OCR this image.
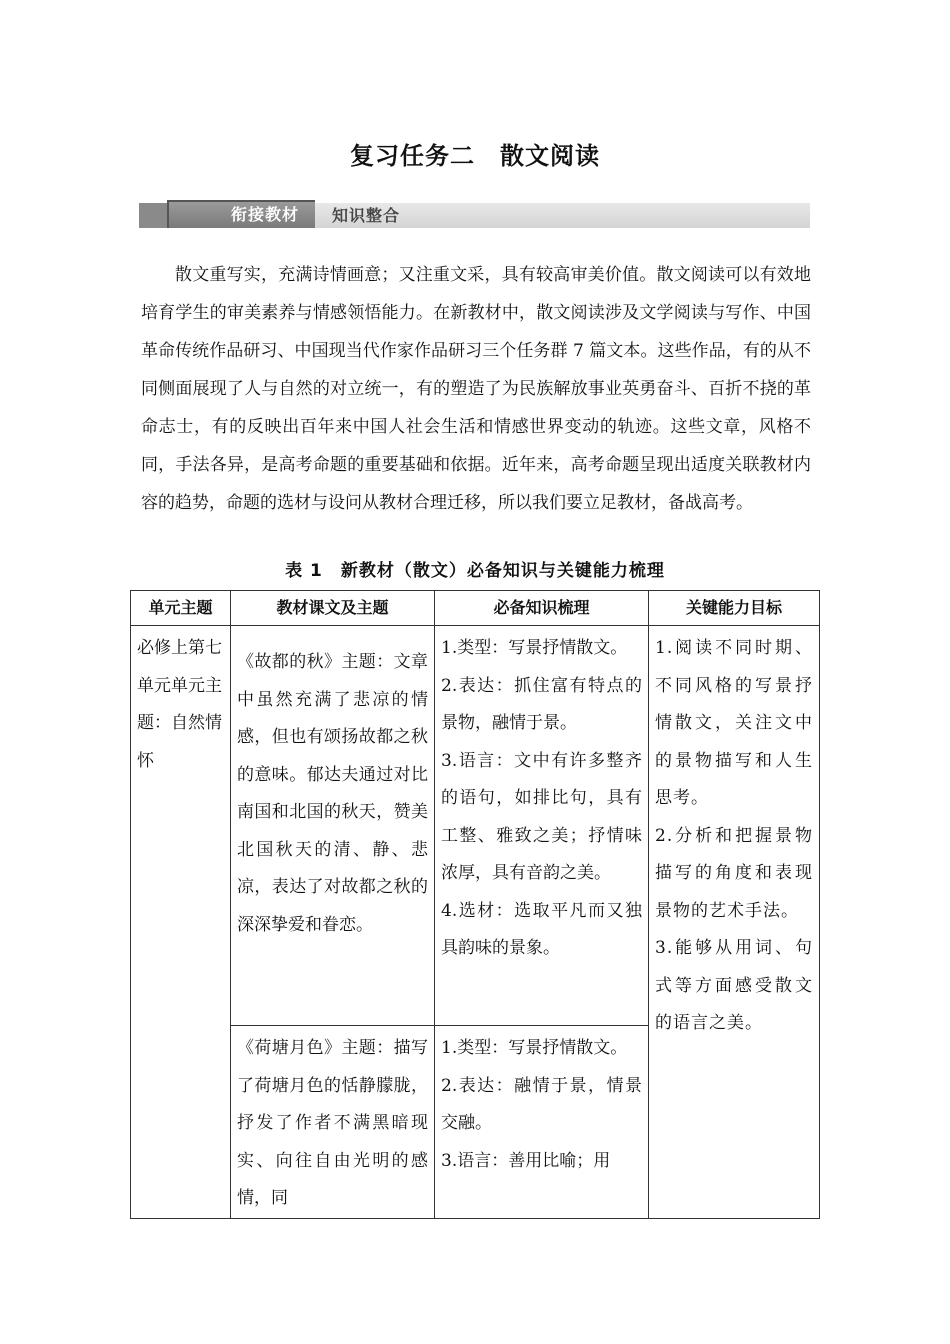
复习任务二　散文阅读
衔接教材	知识整合

散文重写实，充满诗情画意；又注重文采，具有较高审美价值。散文阅读可以有效地培育学生的审美素养与情感领悟能力。在新教材中，散文阅读涉及文学阅读与写作、中国革命传统作品研习、中国现当代作家作品研习三个任务群 7 篇文本。这些作品，有的从不同侧面展现了人与自然的对立统一，有的塑造了为民族解放事业英勇奋斗、百折不挠的革命志士，有的反映出百年来中国人社会生活和情感世界变动的轨迹。这些文章，风格不同，手法各异，是高考命题的重要基础和依据。近年来，高考命题呈现出适度关联教材内容的趋势，命题的选材与设问从教材合理迁移，所以我们要立足教材，备战高考。

表 1　新教材（散文）必备知识与关键能力梳理
单元主题	教材课文及主题	必备知识梳理	关键能力目标

必修上第七单元单元主题：自然情怀	《故都的秋》主题：文章中虽然充满了悲凉的情感，但也有颂扬故都之秋的意味。郁达夫通过对比南国和北国的秋天，赞美北国秋天的清、静、悲凉，表达了对故都之秋的深深挚爱和眷恋。	1.类型：写景抒情散文。
2.表达：抓住富有特点的景物，融情于景。
3.语言：文中有许多整齐的语句，如排比句，具有工整、雅致之美；抒情味浓厚，具有音韵之美。
4.选材：选取平凡而又独具韵味的景象。	1.阅读不同时期、不同风格的写景抒情散文，关注文中的景物描写和人生思考。
2.分析和把握景物描写的角度和表现景物的艺术手法。
3.能够从用词、句式等方面感受散文的语言之美。

	《荷塘月色》主题：描写了荷塘月色的恬静朦胧，抒发了作者不满黑暗现实、向往自由光明的感情，同	1.类型：写景抒情散文。
2.表达：融情于景，情景交融。
3.语言：善用比喻；用	
